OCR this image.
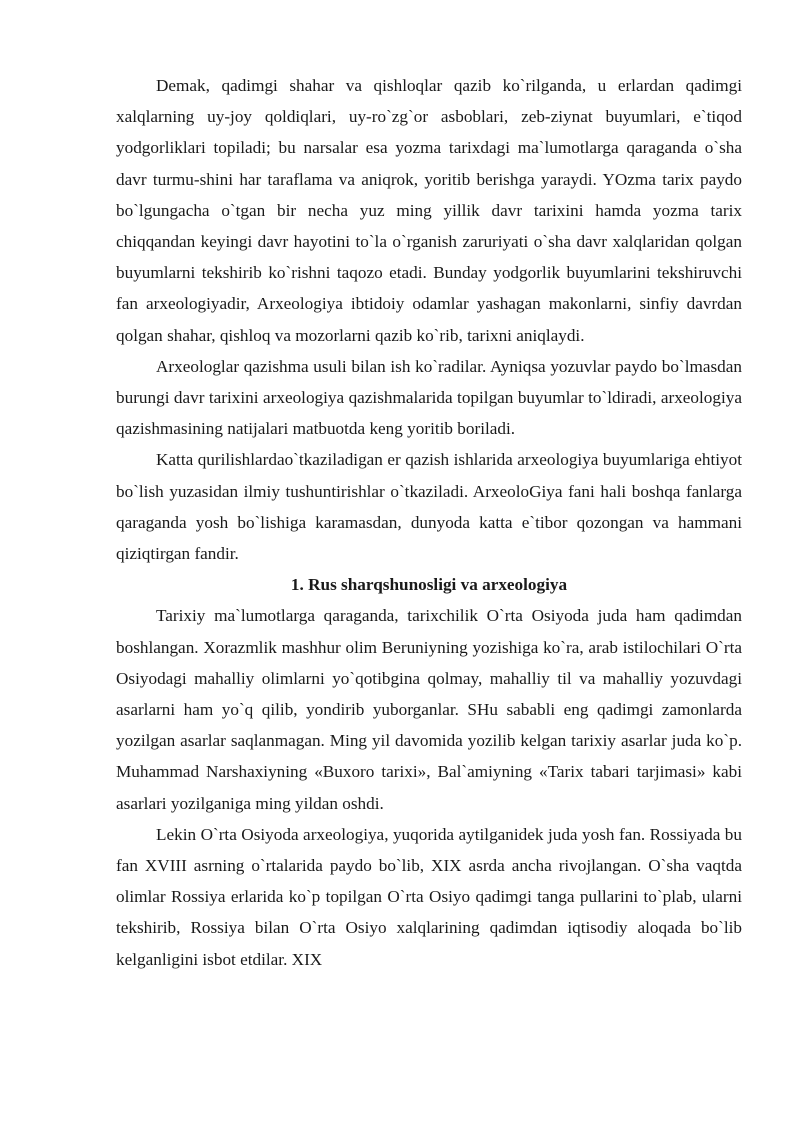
Demak, qadimgi shahar va qishloqlar qazib ko`rilganda, u erlardan qadimgi xalqlarning uy-joy qoldiqlari, uy-ro`zg`or asboblari, zeb-ziynat buyumlari, e`tiqod yodgorliklari topiladi; bu narsalar esa yozma tarixdagi ma`lumotlarga qaraganda o`sha davr turmu-shini har taraflama va aniqrok, yoritib berishga yaraydi. YOzma tarix paydo bo`lgungacha o`tgan bir necha yuz ming yillik davr tarixini hamda yozma tarix chiqqandan keyingi davr hayotini to`la o`rganish zaruriyati o`sha davr xalqlaridan qolgan buyumlarni tekshirib ko`rishni taqozo etadi. Bunday yodgorlik buyumlarini tekshiruvchi fan arxeologiyadir, Arxeologiya ibtidoiy odamlar yashagan makonlarni, sinfiy davrdan qolgan shahar, qishloq va mozorlarni qazib ko`rib, tarixni aniqlaydi.

Arxeologlar qazishma usuli bilan ish ko`radilar. Ayniqsa yozuvlar paydo bo`lmasdan burungi davr tarixini arxeologiya qazishmalarida topilgan buyumlar to`ldiradi, arxeologiya qazishmasining natijalari matbuotda keng yoritib boriladi.

Katta qurilishlardao`tkaziladigan er qazish ishlarida arxeologiya buyumlariga ehtiyot bo`lish yuzasidan ilmiy tushuntirishlar o`tkaziladi. ArxeoloGiya fani hali boshqa fanlarga qaraganda yosh bo`lishiga karamasdan, dunyoda katta e`tibor qozongan va hammani qiziqtirgan fandir.

1. Rus sharqshunosligi va arxeologiya

Tarixiy ma`lumotlarga qaraganda, tarixchilik O`rta Osiyoda juda ham qadimdan boshlangan. Xorazmlik mashhur olim Beruniyning yozishiga ko`ra, arab istilochilari O`rta Osiyodagi mahalliy olimlarni yo`qotibgina qolmay, mahalliy til va mahalliy yozuvdagi asarlarni ham yo`q qilib, yondirib yuborganlar. SHu sababli eng qadimgi zamonlarda yozilgan asarlar saqlanmagan. Ming yil davomida yozilib kelgan tarixiy asarlar juda ko`p. Muhammad Narshaxiyning «Buxoro tarixi», Bal`amiyning «Tarix tabari tarjimasi» kabi asarlari yozilganiga ming yildan oshdi.

Lekin O`rta Osiyoda arxeologiya, yuqorida aytilganidek juda yosh fan. Rossiyada bu fan XVIII asrning o`rtalarida paydo bo`lib, XIX asrda ancha rivojlangan. O`sha vaqtda olimlar Rossiya erlarida ko`p topilgan O`rta Osiyo qadimgi tanga pullarini to`plab, ularni tekshirib, Rossiya bilan O`rta Osiyo xalqlarining qadimdan iqtisodiy aloqada bo`lib kelganligini isbot etdilar. XIX
